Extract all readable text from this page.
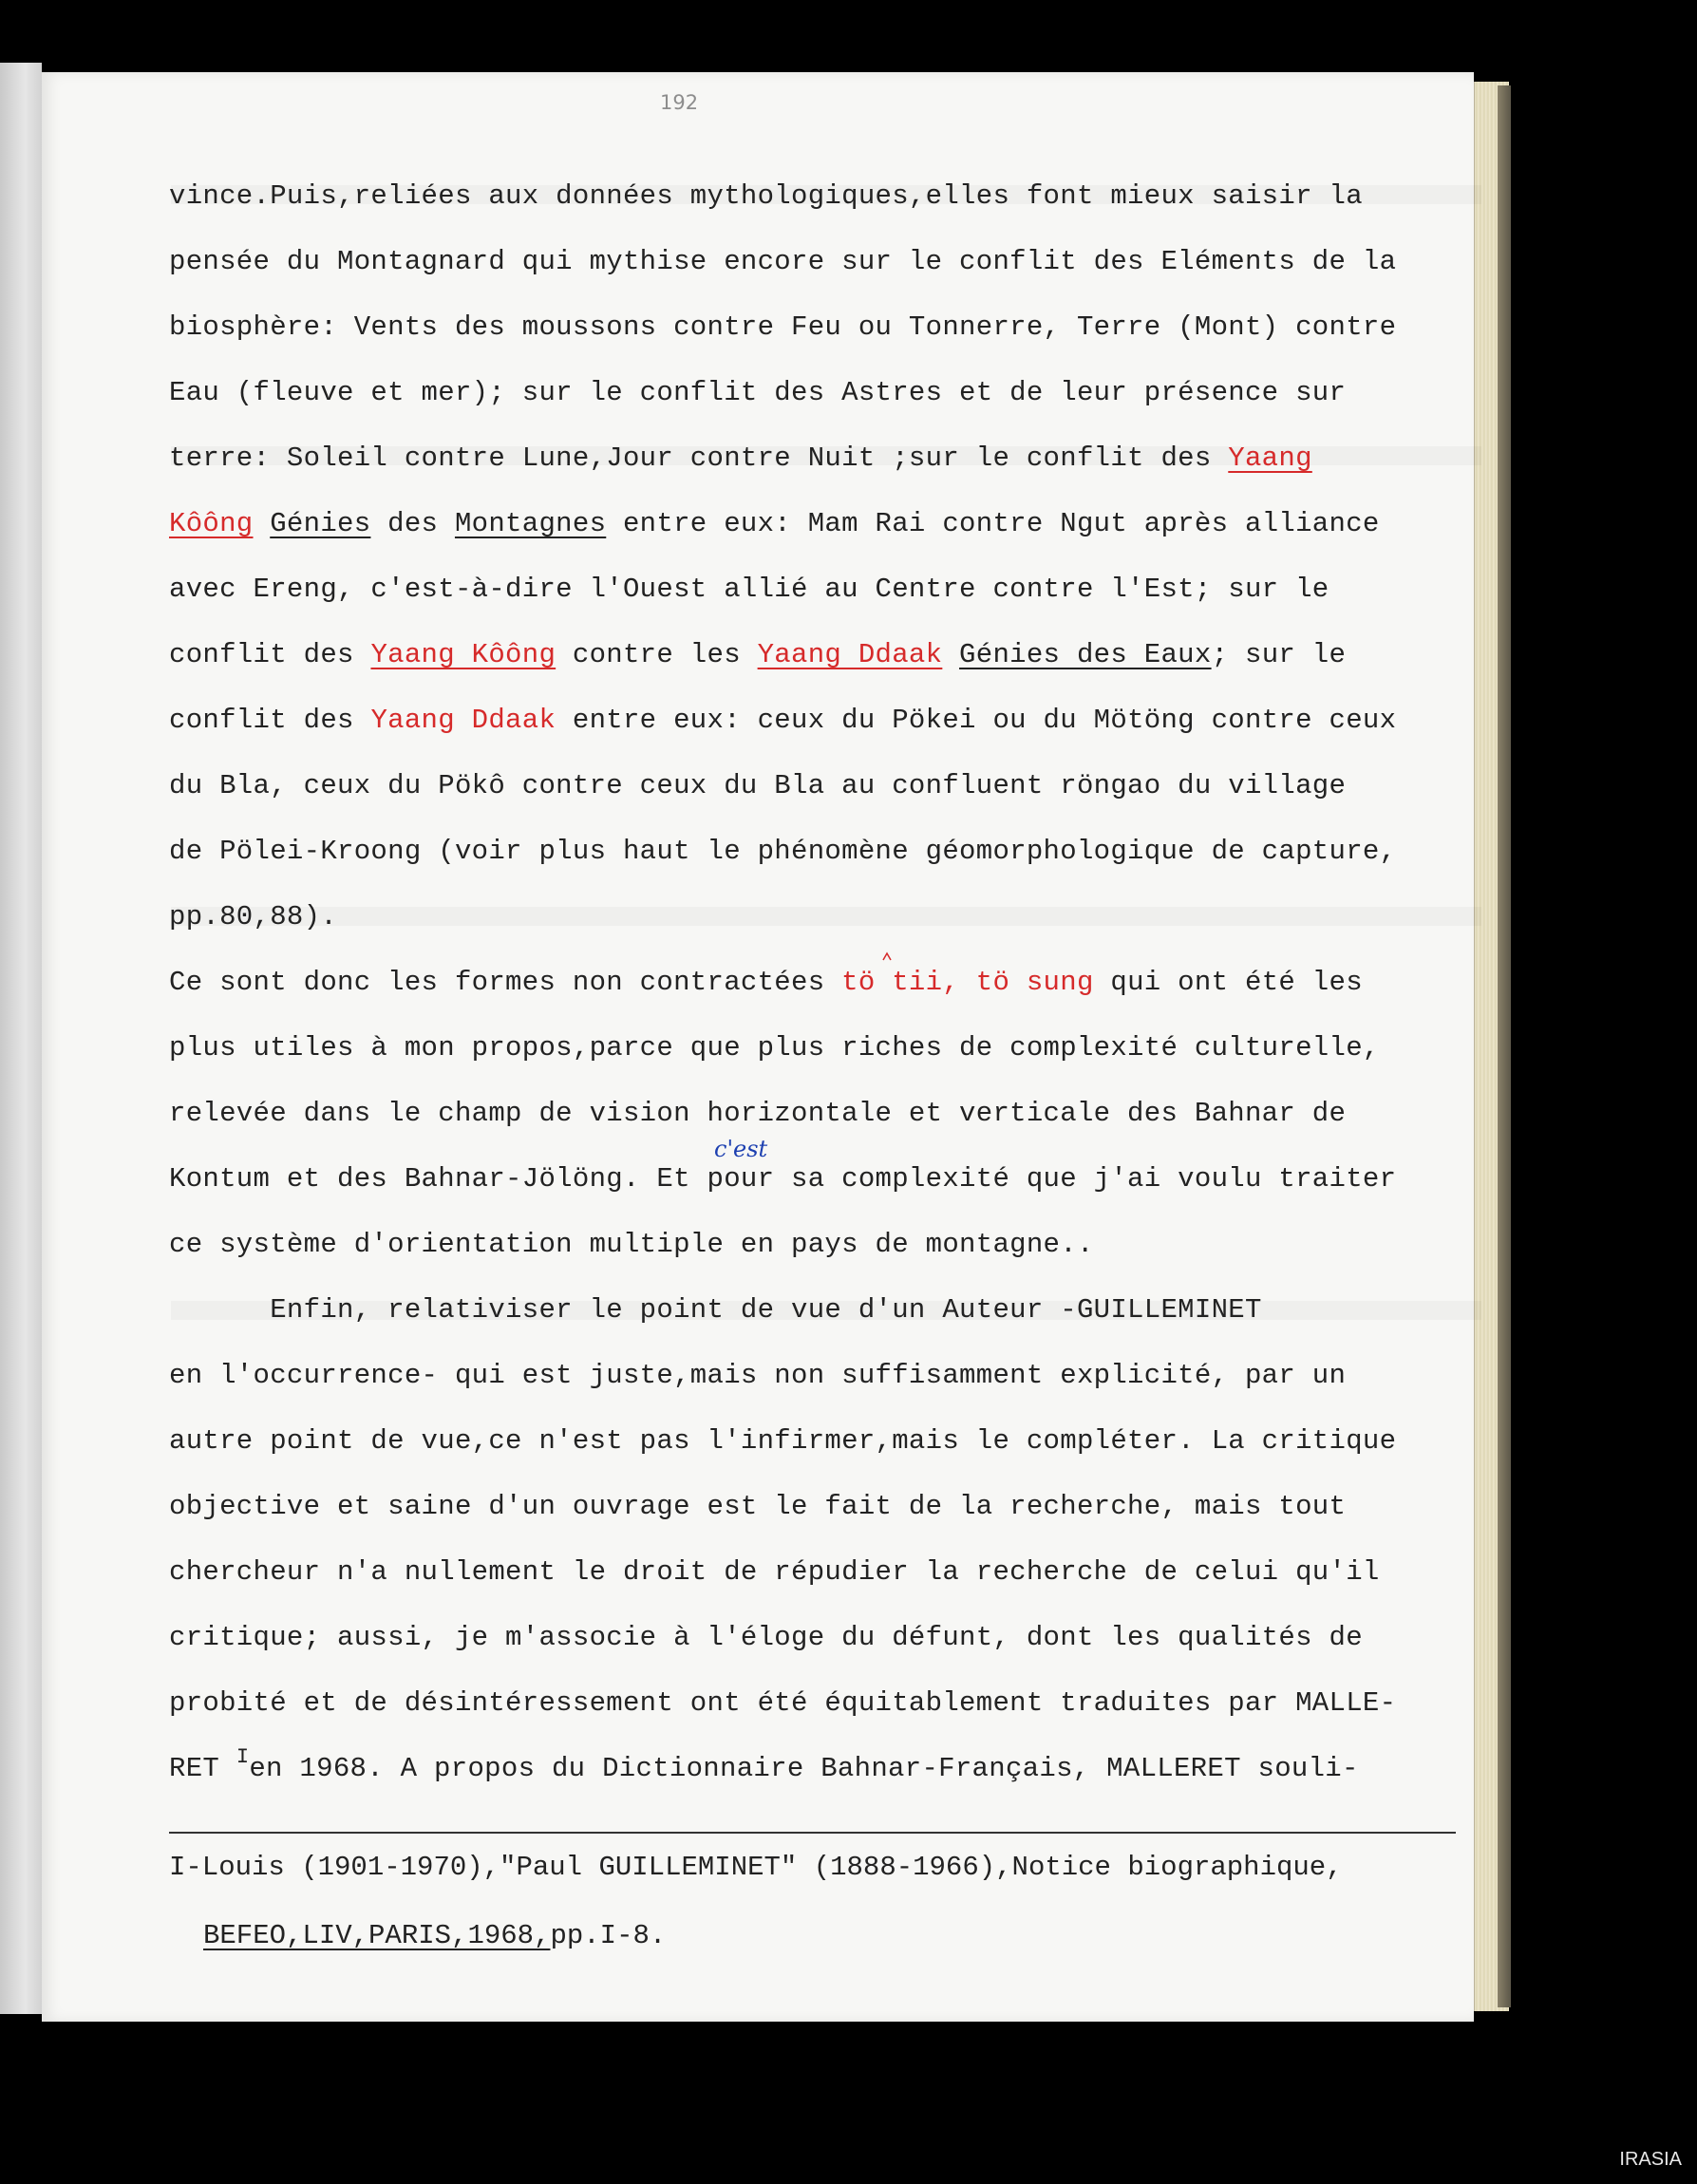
192
vince.Puis,reliées aux données mythologiques,elles font mieux saisir la
pensée du Montagnard qui mythise encore sur le conflit des Eléments de la
biosphère: Vents des moussons contre Feu ou Tonnerre, Terre (Mont) contre
Eau (fleuve et mer); sur le conflit des Astres et de leur présence sur
terre: Soleil contre Lune,Jour contre Nuit ;sur le conflit des Yaang
Kôông Génies des Montagnes entre eux: Mam Rai contre Ngut après alliance
avec Ereng, c'est-à-dire l'Ouest allié au Centre contre l'Est; sur le
conflit des Yaang Kôông contre les Yaang Ddaak Génies des Eaux; sur le
conflit des Yaang Ddaak entre eux: ceux du Pökei ou du Mötöng contre ceux
du Bla, ceux du Pökô contre ceux du Bla au confluent röngao du village
de Pölei-Kroong (voir plus haut le phénomène géomorphologique de capture,
pp.80,88).
Ce sont donc les formes non contractées tö tii, tö sung qui ont été les
plus utiles à mon propos,parce que plus riches de complexité culturelle,
relevée dans le champ de vision horizontale et verticale des Bahnar de
Kontum et des Bahnar-Jölöng. Et pour sa complexité que j'ai voulu traiter
ce système d'orientation multiple en pays de montagne..
Enfin, relativiser le point de vue d'un Auteur -GUILLEMINET
en l'occurrence- qui est juste,mais non suffisamment explicité, par un
autre point de vue,ce n'est pas l'infirmer,mais le compléter. La critique
objective et saine d'un ouvrage est le fait de la recherche, mais tout
chercheur n'a nullement le droit de répudier la recherche de celui qu'il
critique; aussi, je m'associe à l'éloge du défunt, dont les qualités de
probité et de désintéressement ont été équitablement traduites par MALLE-
RET $^I$en 1968. A propos du Dictionnaire Bahnar-Français, MALLERET souli-
c'est
I-Louis (1901-1970),"Paul GUILLEMINET" (1888-1966),Notice biographique,
BEFEO,LIV,PARIS,1968,pp.I-8.
IRASIA
